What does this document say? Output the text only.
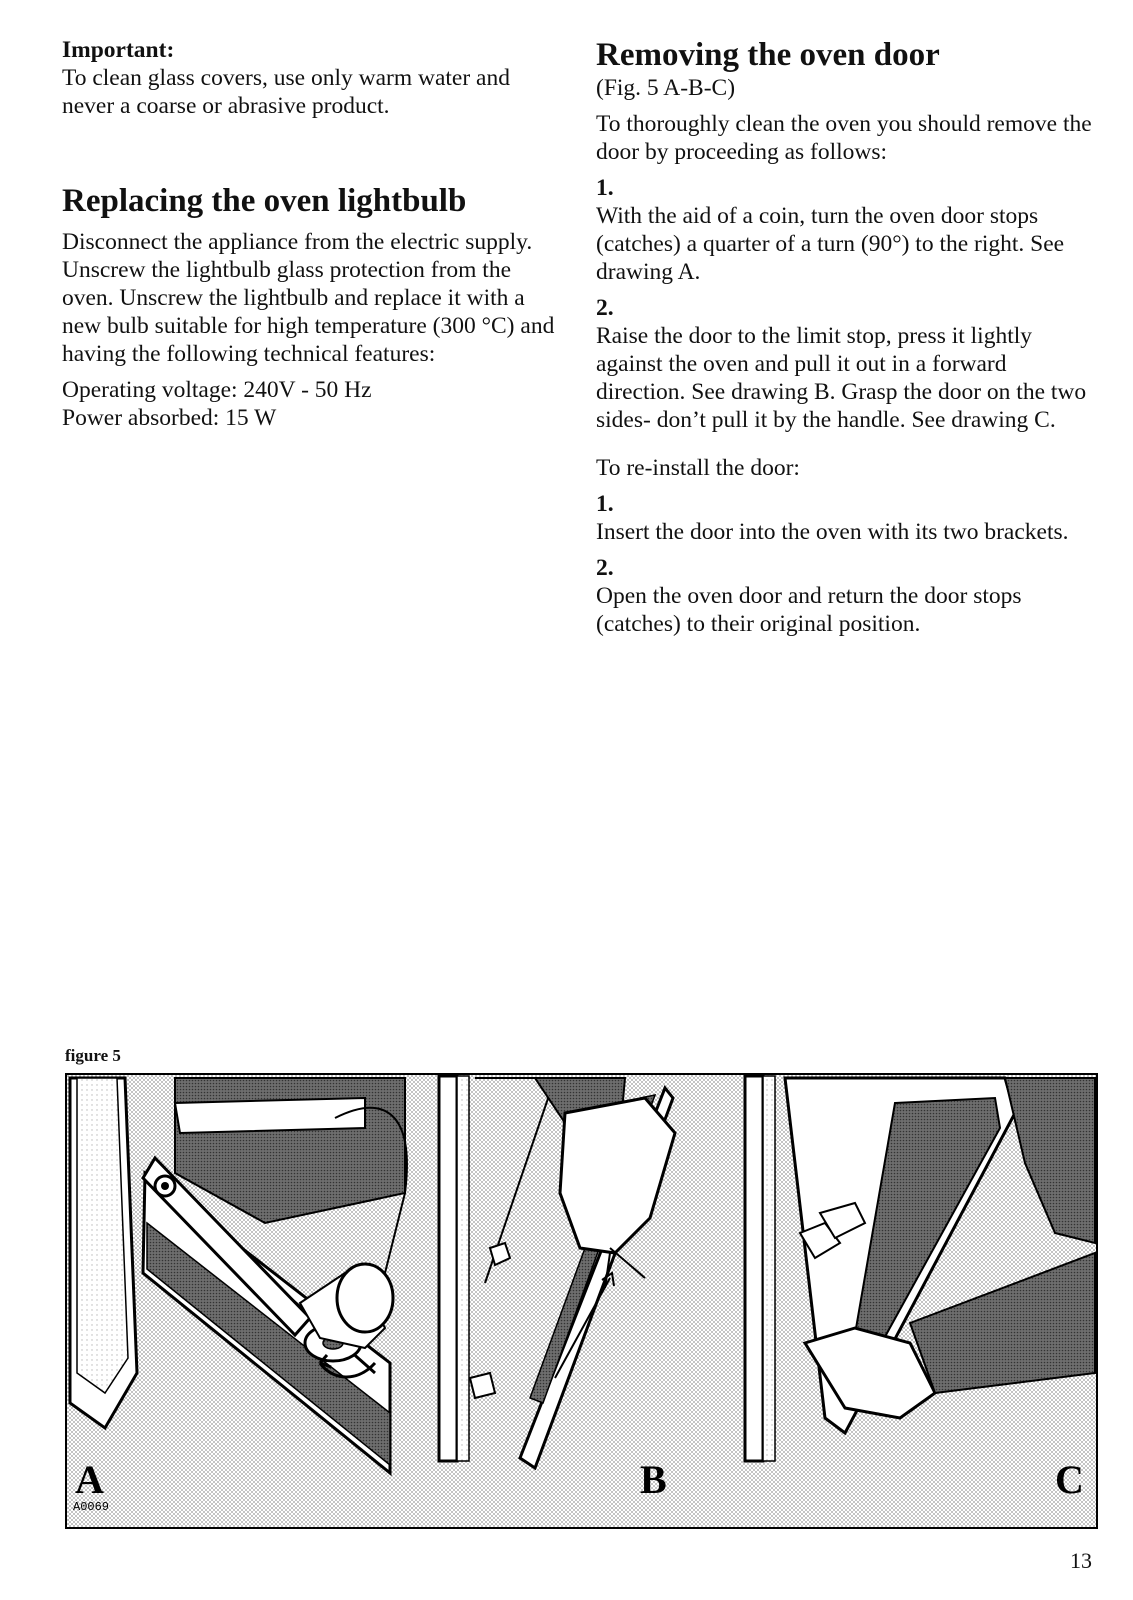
Important:

To clean glass covers, use only warm water and never a coarse or abrasive product.

Replacing the oven lightbulb

Disconnect the appliance from the electric supply.

Unscrew the lightbulb glass protection from the oven. Unscrew the lightbulb and replace it with a new bulb suitable for high temperature (300 °C) and having the following technical features:

Operating voltage: 240V - 50 Hz

Power absorbed: 15 W

Removing the oven door

(Fig. 5 A-B-C)

To thoroughly clean the oven you should remove the door by proceeding as follows:

1.

With the aid of a coin, turn the oven door stops (catches) a quarter of a turn (90°) to the right. See drawing A.

2.

Raise the door to the limit stop, press it lightly against the oven and pull it out in a forward direction. See drawing B. Grasp the door on the two sides- don’t pull it by the handle. See drawing C.

To re-install the door:

1.

Insert the door into the oven with its two brackets.

2.

Open the oven door and return the door stops (catches) to their original position.

figure 5
A
A0069
B	C
13
